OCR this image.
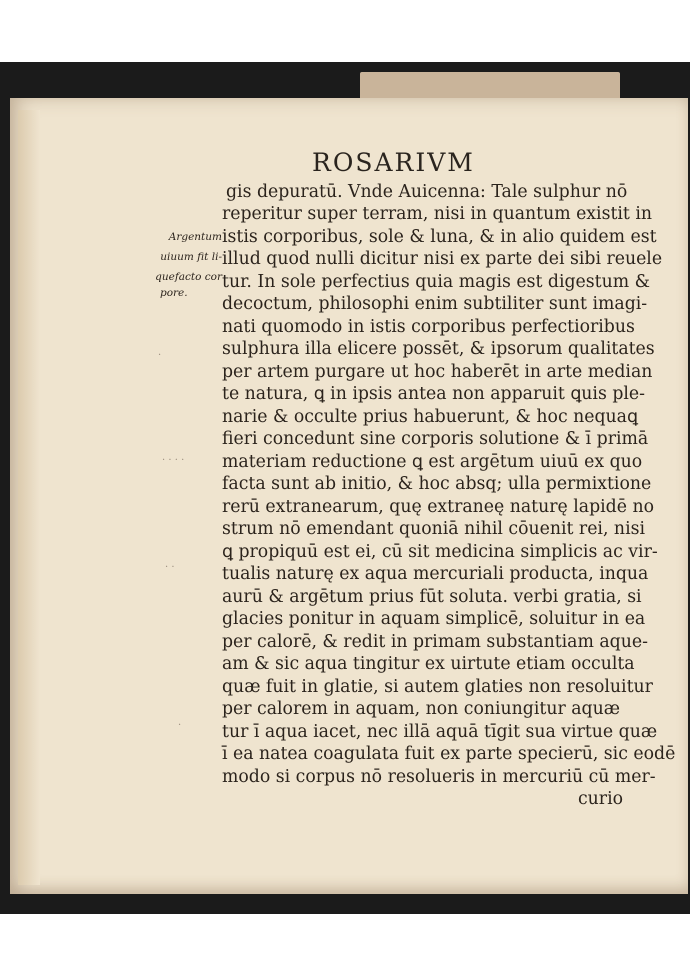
ROSARIVM
Argentum
uiuum fit li-
quefacto cor
pore.
gis depuratū. Vnde Auicenna: Tale sulphur nō
reperitur super terram, nisi in quantum existit in
istis corporibus, sole & luna, & in alio quidem est
illud quod nulli dicitur nisi ex parte dei sibi reuele
tur. In sole perfectius quia magis est digestum &
decoctum, philosophi enim subtiliter sunt imagi-
nati quomodo in istis corporibus perfectioribus
sulphura illa elicere possēt, & ipsorum qualitates
per artem purgare ut hoc haberēt in arte median
te natura, ꝗ in ipsis antea non apparuit ꝗuis ple-
narie & occulte prius habuerunt, & hoc nequaꝗ
fieri concedunt sine corporis solutione & ī primā
materiam reductione ꝗ est argētum uiuū ex quo
facta sunt ab initio, & hoc absq; ulla permixtione
rerū extranearum, quę extraneę naturę lapidē no
strum nō emendant quoniā nihil cōuenit rei, nisi
ꝗ propiquū est ei, cū sit medicina simplicis ac vir-
tualis naturę ex aqua mercuriali producta, inqua
aurū & argētum prius fūt soluta. verbi gratia, si
glacies ponitur in aquam simplicē, soluitur in ea
per calorē, & redit in primam substantiam aque-
am & sic aqua tingitur ex uirtute etiam occulta
quæ fuit in glatie, si autem glaties non resoluitur
per calorem in aquam, non coniungitur aquæ
tur ī aqua iacet, nec illā aquā tīgit sua virtue quæ
ī ea natea coagulata fuit ex parte specierū, sic eodē
modo si corpus nō resolueris in mercuriū cū mer-
curio
·
· · · ·
· ·
·
